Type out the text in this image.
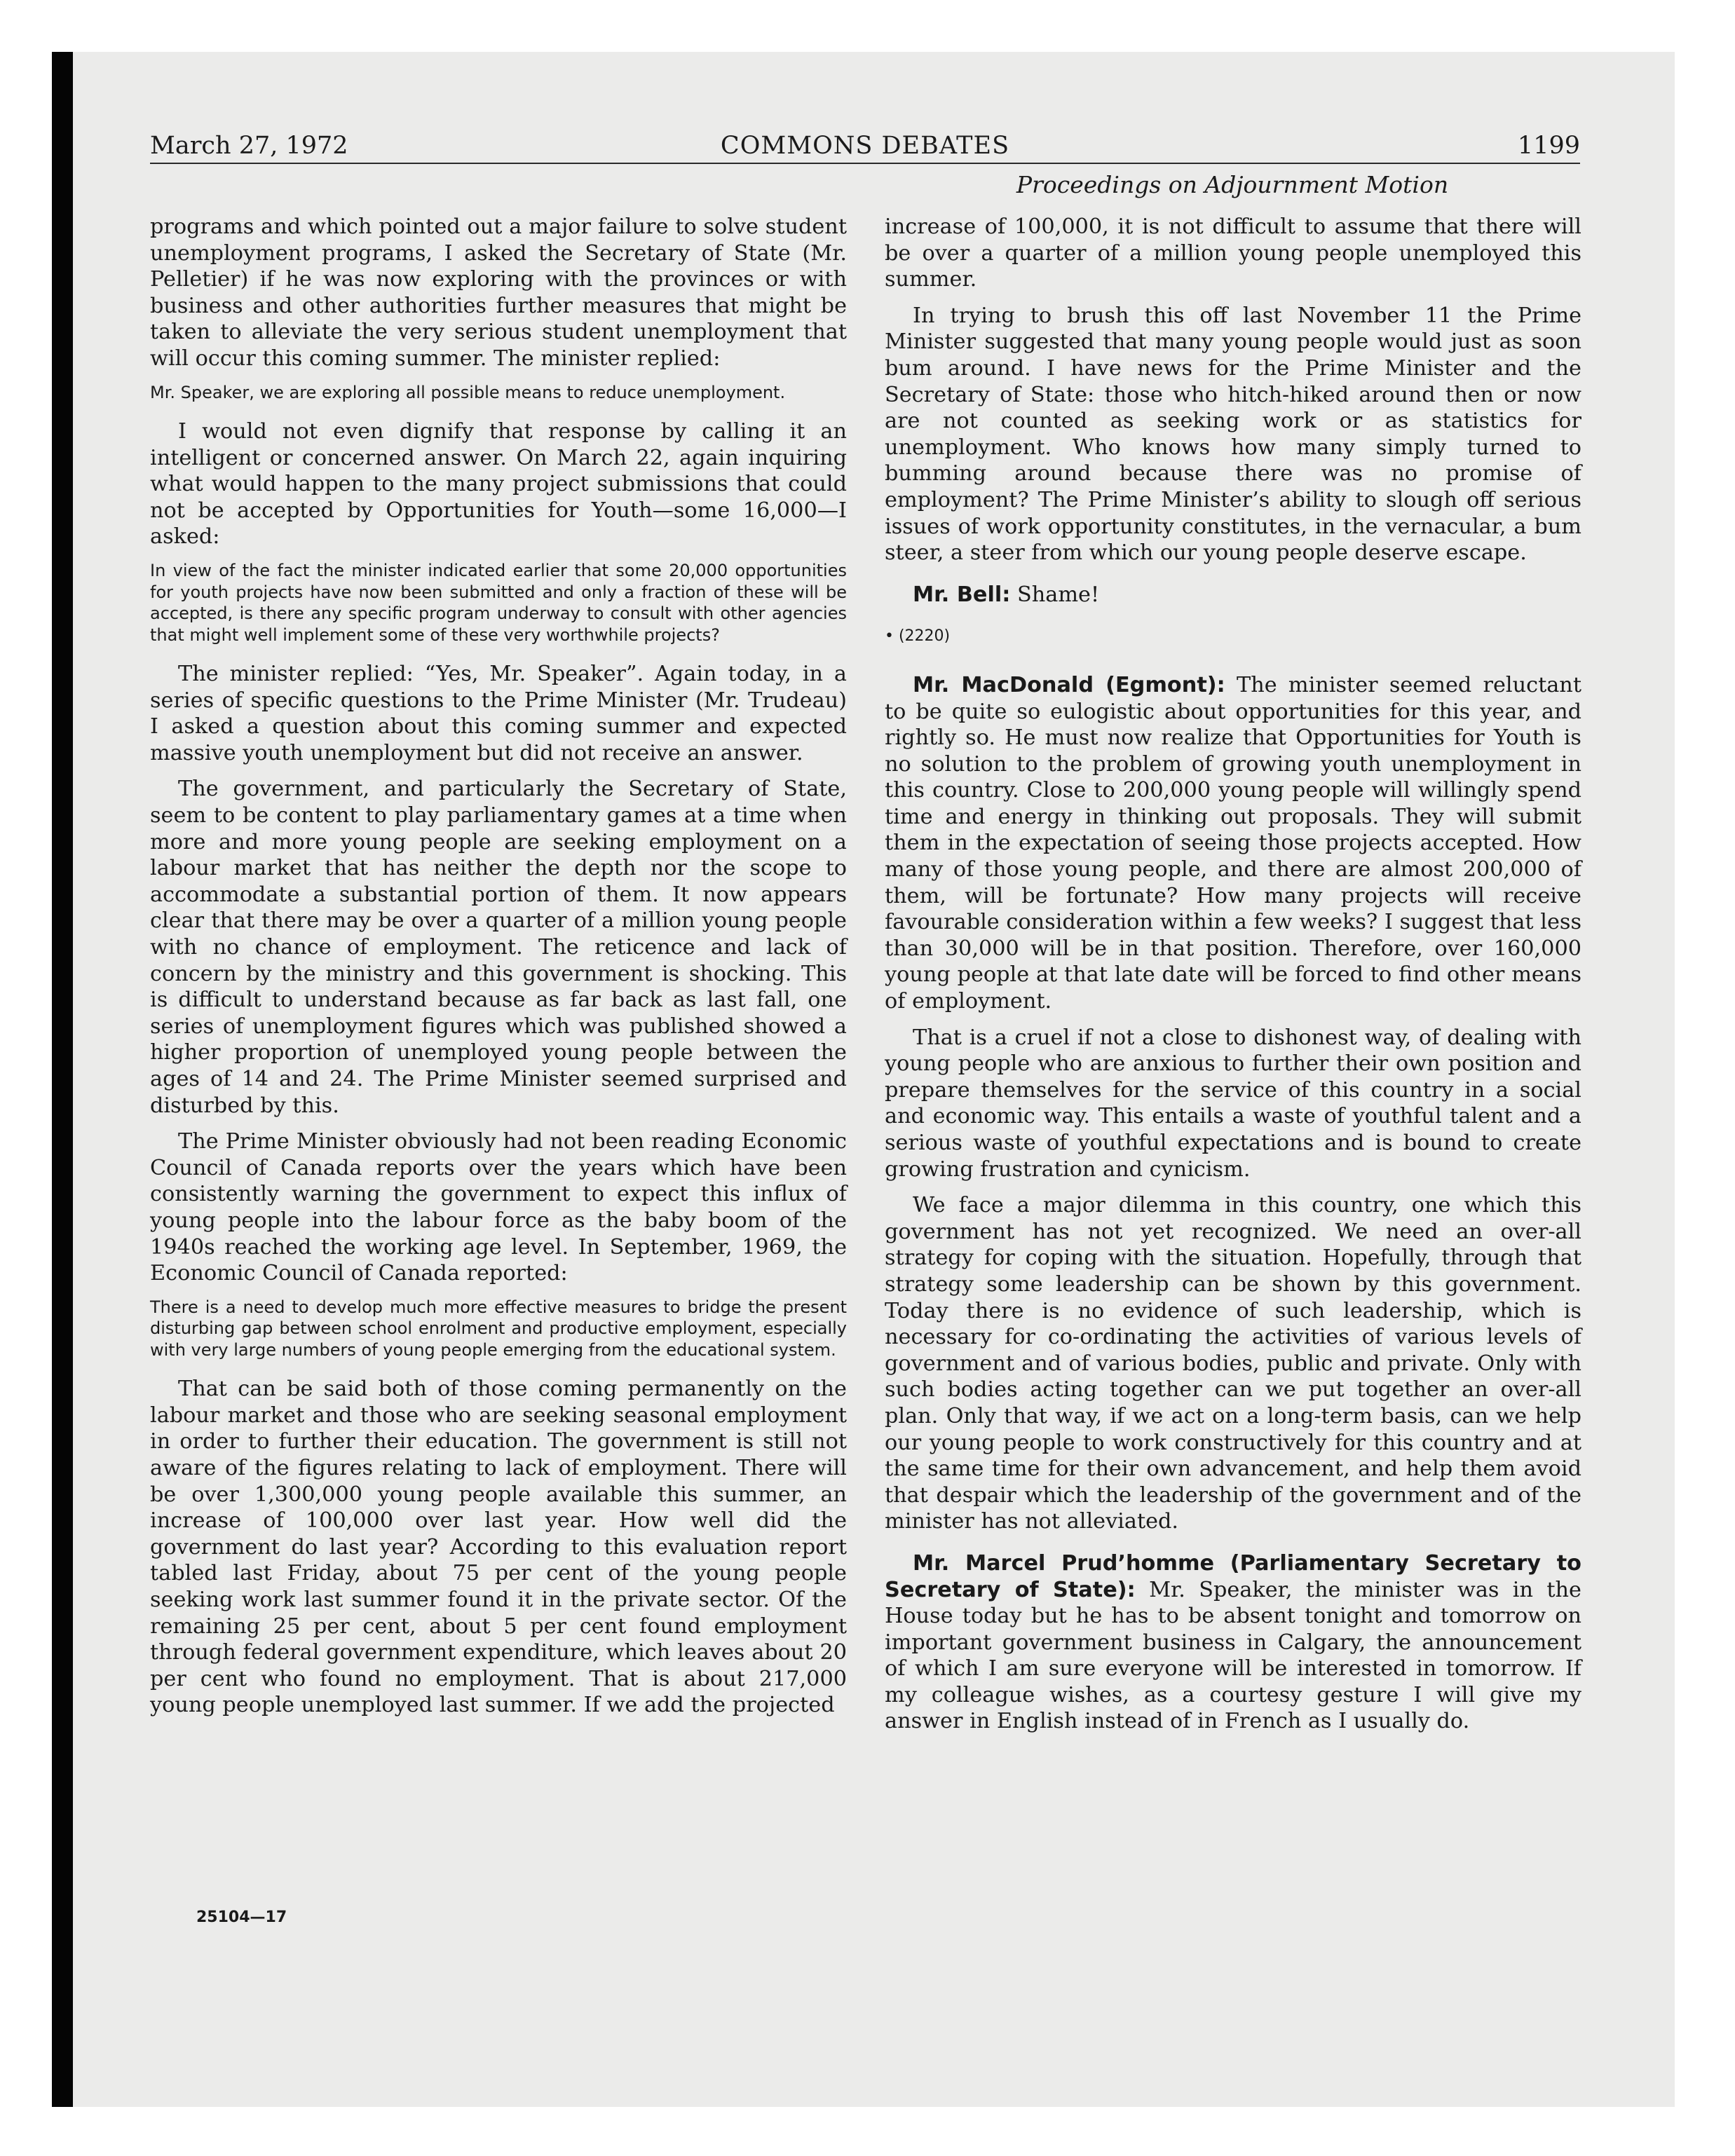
March 27, 1972	COMMONS DEBATES	1199
Proceedings on Adjournment Motion

programs and which pointed out a major failure to solve student unemployment programs, I asked the Secretary of State (Mr. Pelletier) if he was now exploring with the provinces or with business and other authorities further measures that might be taken to alleviate the very serious student unemployment that will occur this coming summer. The minister replied:

Mr. Speaker, we are exploring all possible means to reduce unemployment.

I would not even dignify that response by calling it an intelligent or concerned answer. On March 22, again inquiring what would happen to the many project submissions that could not be accepted by Opportunities for Youth—some 16,000—I asked:

In view of the fact the minister indicated earlier that some 20,000 opportunities for youth projects have now been submitted and only a fraction of these will be accepted, is there any specific program underway to consult with other agencies that might well implement some of these very worthwhile projects?

The minister replied: “Yes, Mr. Speaker”. Again today, in a series of specific questions to the Prime Minister (Mr. Trudeau) I asked a question about this coming summer and expected massive youth unemployment but did not receive an answer.

The government, and particularly the Secretary of State, seem to be content to play parliamentary games at a time when more and more young people are seeking employment on a labour market that has neither the depth nor the scope to accommodate a substantial portion of them. It now appears clear that there may be over a quarter of a million young people with no chance of employment. The reticence and lack of concern by the ministry and this government is shocking. This is difficult to understand because as far back as last fall, one series of unemployment figures which was published showed a higher proportion of unemployed young people between the ages of 14 and 24. The Prime Minister seemed surprised and disturbed by this.

The Prime Minister obviously had not been reading Economic Council of Canada reports over the years which have been consistently warning the government to expect this influx of young people into the labour force as the baby boom of the 1940s reached the working age level. In September, 1969, the Economic Council of Canada reported:

There is a need to develop much more effective measures to bridge the present disturbing gap between school enrolment and productive employment, especially with very large numbers of young people emerging from the educational system.

That can be said both of those coming permanently on the labour market and those who are seeking seasonal employment in order to further their education. The government is still not aware of the figures relating to lack of employment. There will be over 1,300,000 young people available this summer, an increase of 100,000 over last year. How well did the government do last year? According to this evaluation report tabled last Friday, about 75 per cent of the young people seeking work last summer found it in the private sector. Of the remaining 25 per cent, about 5 per cent found employment through federal government expenditure, which leaves about 20 per cent who found no employment. That is about 217,000 young people unemployed last summer. If we add the projected

increase of 100,000, it is not difficult to assume that there will be over a quarter of a million young people unemployed this summer.

In trying to brush this off last November 11 the Prime Minister suggested that many young people would just as soon bum around. I have news for the Prime Minister and the Secretary of State: those who hitch-hiked around then or now are not counted as seeking work or as statistics for unemployment. Who knows how many simply turned to bumming around because there was no promise of employment? The Prime Minister’s ability to slough off serious issues of work opportunity constitutes, in the vernacular, a bum steer, a steer from which our young people deserve escape.

Mr. Bell: Shame!

• (2220)

Mr. MacDonald (Egmont): The minister seemed reluctant to be quite so eulogistic about opportunities for this year, and rightly so. He must now realize that Opportunities for Youth is no solution to the problem of growing youth unemployment in this country. Close to 200,000 young people will willingly spend time and energy in thinking out proposals. They will submit them in the expectation of seeing those projects accepted. How many of those young people, and there are almost 200,000 of them, will be fortunate? How many projects will receive favourable consideration within a few weeks? I suggest that less than 30,000 will be in that position. Therefore, over 160,000 young people at that late date will be forced to find other means of employment.

That is a cruel if not a close to dishonest way, of dealing with young people who are anxious to further their own position and prepare themselves for the service of this country in a social and economic way. This entails a waste of youthful talent and a serious waste of youthful expectations and is bound to create growing frustration and cynicism.

We face a major dilemma in this country, one which this government has not yet recognized. We need an over-all strategy for coping with the situation. Hopefully, through that strategy some leadership can be shown by this government. Today there is no evidence of such leadership, which is necessary for co-ordinating the activities of various levels of government and of various bodies, public and private. Only with such bodies acting together can we put together an over-all plan. Only that way, if we act on a long-term basis, can we help our young people to work constructively for this country and at the same time for their own advancement, and help them avoid that despair which the leadership of the government and of the minister has not alleviated.

Mr. Marcel Prud’homme (Parliamentary Secretary to Secretary of State): Mr. Speaker, the minister was in the House today but he has to be absent tonight and tomorrow on important government business in Calgary, the announcement of which I am sure everyone will be interested in tomorrow. If my colleague wishes, as a courtesy gesture I will give my answer in English instead of in French as I usually do.

25104—17
